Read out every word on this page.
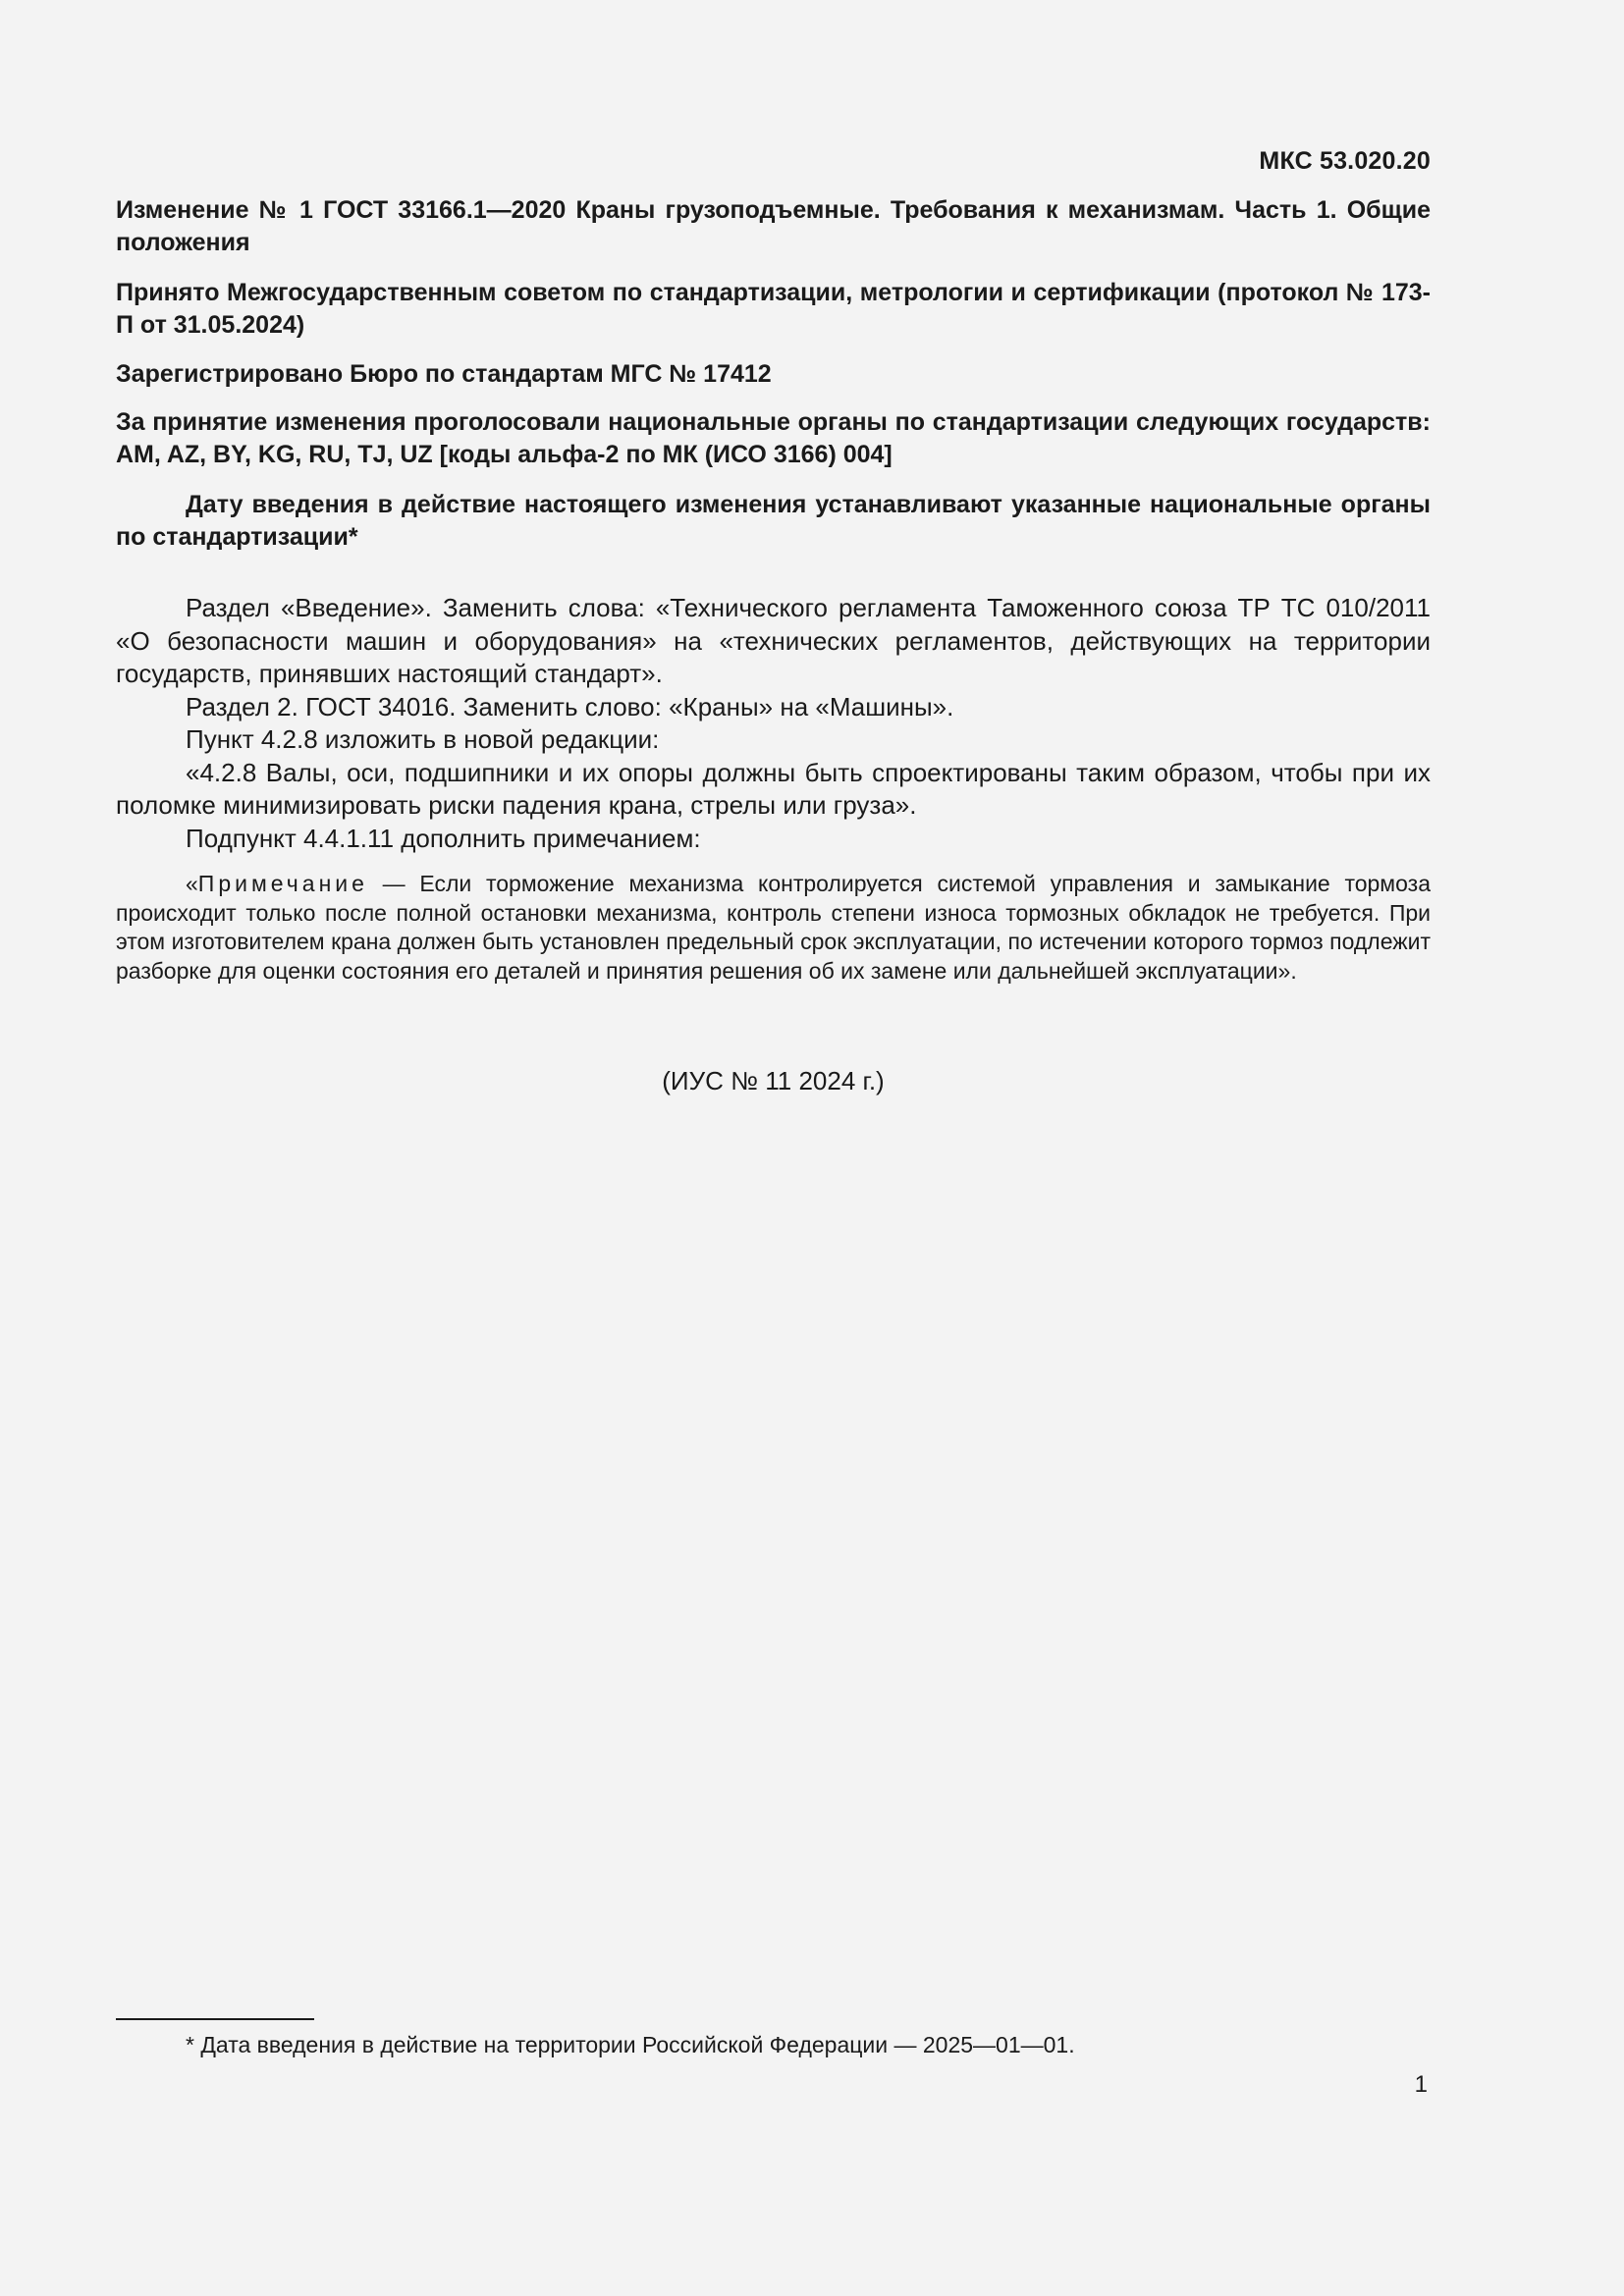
МКС 53.020.20
Изменение № 1 ГОСТ 33166.1—2020 Краны грузоподъемные. Требования к механизмам. Часть 1. Общие положения
Принято Межгосударственным советом по стандартизации, метрологии и сертификации (протокол № 173-П от 31.05.2024)
Зарегистрировано Бюро по стандартам МГС № 17412
За принятие изменения проголосовали национальные органы по стандартизации следующих государств: AM, AZ, BY, KG, RU, TJ, UZ [коды альфа-2 по МК (ИСО 3166) 004]
Дату введения в действие настоящего изменения устанавливают указанные национальные органы по стандартизации*

Раздел «Введение». Заменить слова: «Технического регламента Таможенного союза ТР ТС 010/2011 «О безопасности машин и оборудования» на «технических регламентов, действующих на территории государств, принявших настоящий стандарт».

Раздел 2. ГОСТ 34016. Заменить слово: «Краны» на «Машины».

Пункт 4.2.8 изложить в новой редакции:

«4.2.8 Валы, оси, подшипники и их опоры должны быть спроектированы таким образом, чтобы при их поломке минимизировать риски падения крана, стрелы или груза».

Подпункт 4.4.1.11 дополнить примечанием:

«Примечание — Если торможение механизма контролируется системой управления и замыкание тормоза происходит только после полной остановки механизма, контроль степени износа тормозных обкладок не требуется. При этом изготовителем крана должен быть установлен предельный срок эксплуатации, по истечении которого тормоз подлежит разборке для оценки состояния его деталей и принятия решения об их замене или дальнейшей эксплуатации».

(ИУС № 11 2024 г.)
* Дата введения в действие на территории Российской Федерации — 2025—01—01.
1
